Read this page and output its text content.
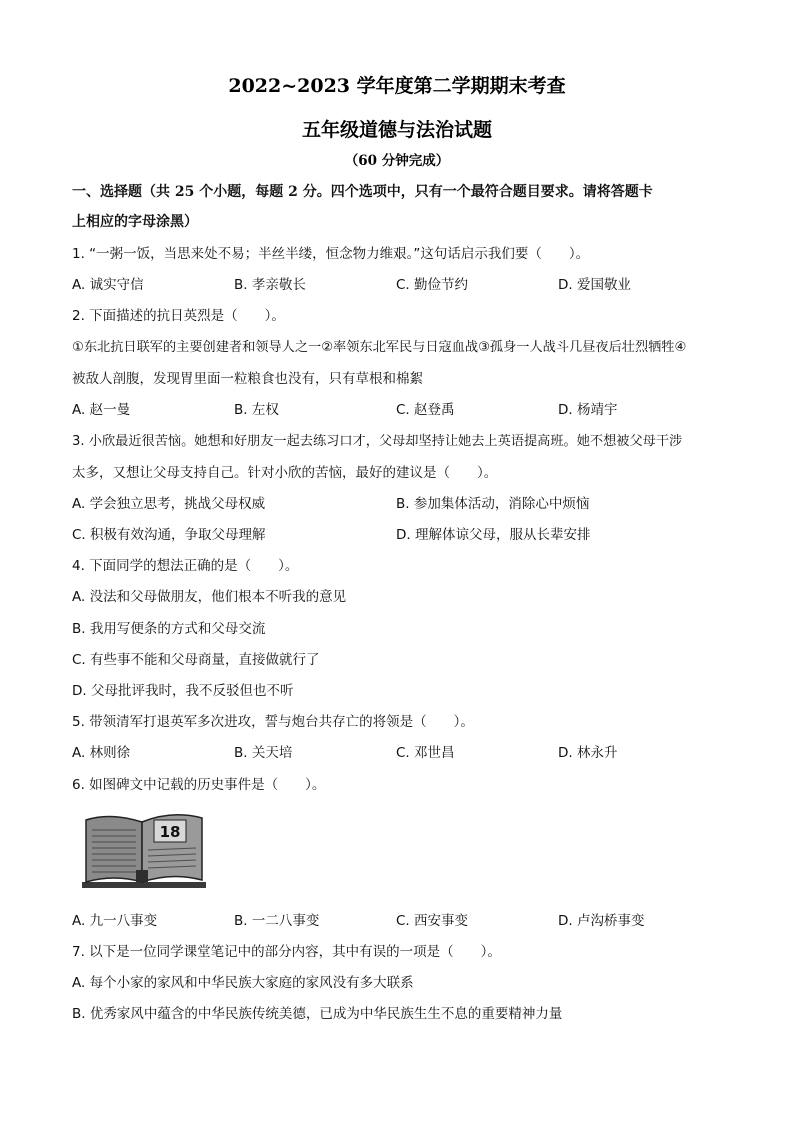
2022~2023 学年度第二学期期末考查
五年级道德与法治试题
（60 分钟完成）
一、选择题（共 25 个小题，每题 2 分。四个选项中，只有一个最符合题目要求。请将答题卡
上相应的字母涂黑）
1. “一粥一饭，当思来处不易；半丝半缕，恒念物力维艰。”这句话启示我们要（　　）。
A. 诚实守信	B. 孝亲敬长	C. 勤俭节约	D. 爱国敬业
2. 下面描述的抗日英烈是（　　）。
①东北抗日联军的主要创建者和领导人之一②率领东北军民与日寇血战③孤身一人战斗几昼夜后壮烈牺牲④
被敌人剖腹，发现胃里面一粒粮食也没有，只有草根和棉絮
A. 赵一曼	B. 左权	C. 赵登禹	D. 杨靖宇
3. 小欣最近很苦恼。她想和好朋友一起去练习口才，父母却坚持让她去上英语提高班。她不想被父母干涉
太多，又想让父母支持自己。针对小欣的苦恼，最好的建议是（　　）。
A. 学会独立思考，挑战父母权威	B. 参加集体活动，消除心中烦恼
C. 积极有效沟通，争取父母理解	D. 理解体谅父母，服从长辈安排
4. 下面同学的想法正确的是（　　）。
A. 没法和父母做朋友，他们根本不听我的意见
B. 我用写便条的方式和父母交流
C. 有些事不能和父母商量，直接做就行了
D. 父母批评我时，我不反驳但也不听
5. 带领清军打退英军多次进攻，誓与炮台共存亡的将领是（　　）。
A. 林则徐	B. 关天培	C. 邓世昌	D. 林永升
6. 如图碑文中记载的历史事件是（　　）。
18
A. 九一八事变	B. 一二八事变	C. 西安事变	D. 卢沟桥事变
7. 以下是一位同学课堂笔记中的部分内容，其中有误的一项是（　　）。
A. 每个小家的家风和中华民族大家庭的家风没有多大联系
B. 优秀家风中蕴含的中华民族传统美德，已成为中华民族生生不息的重要精神力量
